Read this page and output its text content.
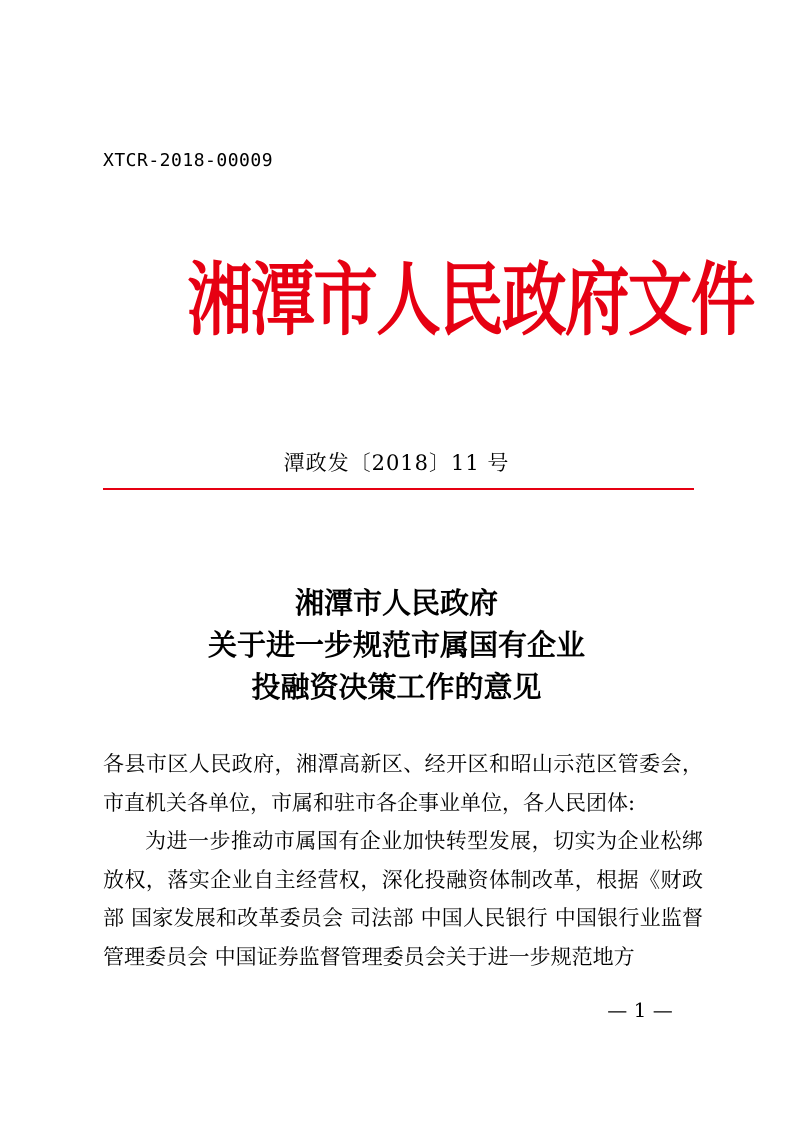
XTCR-2018-00009
湘潭市人民政府文件
潭政发〔2018〕11 号
湘潭市人民政府
关于进一步规范市属国有企业
投融资决策工作的意见

各县市区人民政府，湘潭高新区、经开区和昭山示范区管委会，市直机关各单位，市属和驻市各企事业单位，各人民团体:

为进一步推动市属国有企业加快转型发展，切实为企业松绑放权，落实企业自主经营权，深化投融资体制改革，根据《财政部 国家发展和改革委员会 司法部 中国人民银行 中国银行业监督管理委员会 中国证券监督管理委员会关于进一步规范地方

— 1 —
